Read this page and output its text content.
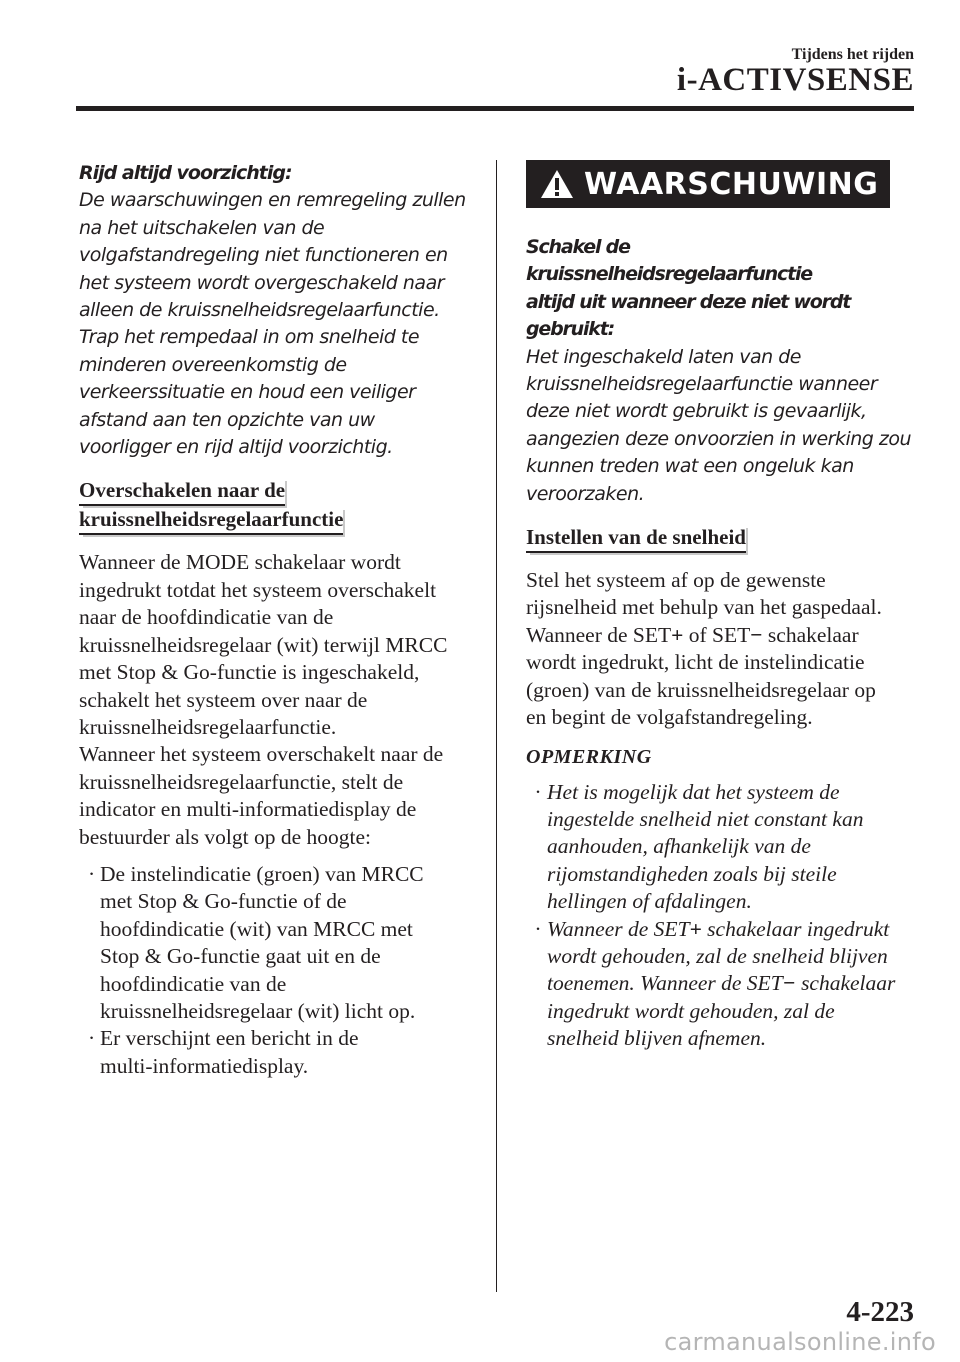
Tijdens het rijden
i-ACTIVSENSE
Rijd altijd voorzichtig:
De waarschuwingen en remregeling zullen
na het uitschakelen van de
volgafstandregeling niet functioneren en
het systeem wordt overgeschakeld naar
alleen de kruissnelheidsregelaarfunctie.
Trap het rempedaal in om snelheid te
minderen overeenkomstig de
verkeerssituatie en houd een veiliger
afstand aan ten opzichte van uw
voorligger en rijd altijd voorzichtig.
Overschakelen naar de
kruissnelheidsregelaarfunctie
Wanneer de MODE schakelaar wordt
ingedrukt totdat het systeem overschakelt
naar de hoofdindicatie van de
kruissnelheidsregelaar (wit) terwijl MRCC
met Stop & Go-functie is ingeschakeld,
schakelt het systeem over naar de
kruissnelheidsregelaarfunctie.
Wanneer het systeem overschakelt naar de
kruissnelheidsregelaarfunctie, stelt de
indicator en multi-informatiedisplay de
bestuurder als volgt op de hoogte:
· De instelindicatie (groen) van MRCC
met Stop & Go-functie of de
hoofdindicatie (wit) van MRCC met
Stop & Go-functie gaat uit en de
hoofdindicatie van de
kruissnelheidsregelaar (wit) licht op.
· Er verschijnt een bericht in de
multi-informatiedisplay.
WAARSCHUWING
Schakel de kruissnelheidsregelaarfunctie
altijd uit wanneer deze niet wordt gebruikt:
Het ingeschakeld laten van de
kruissnelheidsregelaarfunctie wanneer
deze niet wordt gebruikt is gevaarlijk,
aangezien deze onvoorzien in werking zou
kunnen treden wat een ongeluk kan
veroorzaken.
Instellen van de snelheid
Stel het systeem af op de gewenste
rijsnelheid met behulp van het gaspedaal.
Wanneer de SET+ of SET− schakelaar
wordt ingedrukt, licht de instelindicatie
(groen) van de kruissnelheidsregelaar op
en begint de volgafstandregeling.
OPMERKING
· Het is mogelijk dat het systeem de
ingestelde snelheid niet constant kan
aanhouden, afhankelijk van de
rijomstandigheden zoals bij steile
hellingen of afdalingen.
· Wanneer de SET+ schakelaar ingedrukt
wordt gehouden, zal de snelheid blijven
toenemen. Wanneer de SET− schakelaar
ingedrukt wordt gehouden, zal de
snelheid blijven afnemen.
4-223
carmanualsonline.info
